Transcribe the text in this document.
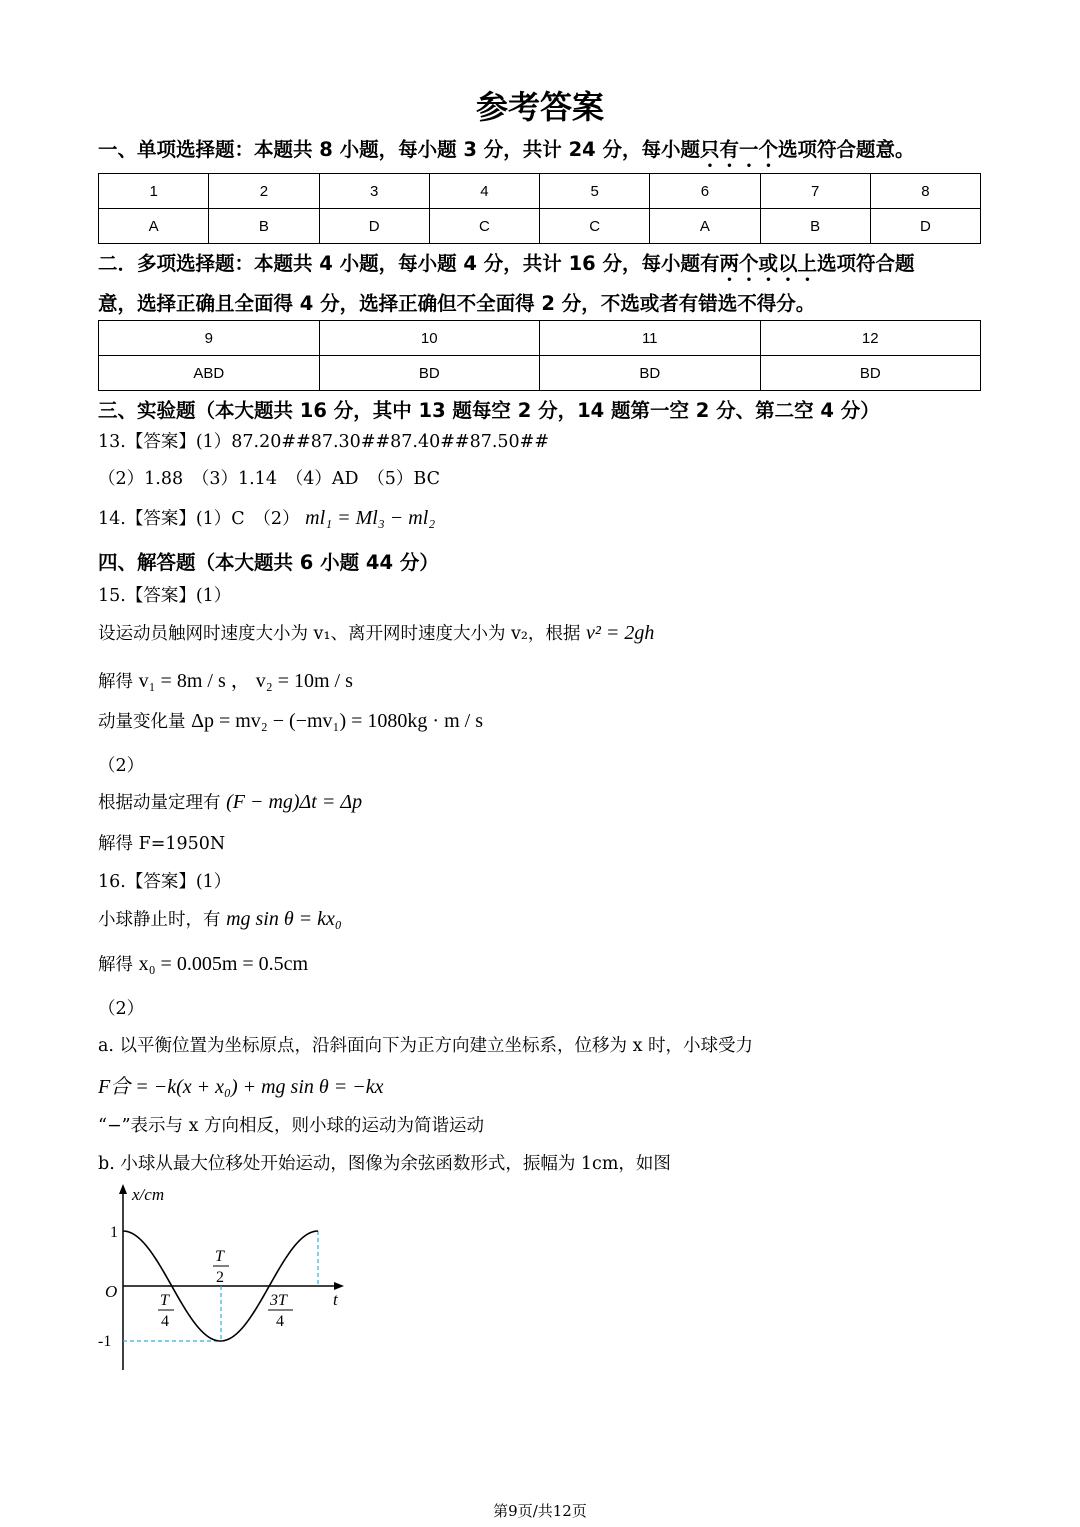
参考答案
一、单项选择题：本题共 8 小题，每小题 3 分，共计 24 分，每小题只有一个选项符合题意。
1	2	3	4	5	6	7	8
A	B	D	C	C	A	B	D
二．多项选择题：本题共 4 小题，每小题 4 分，共计 16 分，每小题有两个或以上选项符合题
意，选择正确且全面得 4 分，选择正确但不全面得 2 分，不选或者有错选不得分。
9	10	11	12
ABD	BD	BD	BD
三、实验题（本大题共 16 分，其中 13 题每空 2 分，14 题第一空 2 分、第二空 4 分）
13.【答案】(1）87.20##87.30##87.40##87.50##
（2）1.88　（3）1.14　（4）AD　（5）BC
14.【答案】(1）C　（2） ml₁ = Ml₃ − ml₂
四、解答题（本大题共 6 小题 44 分）
15.【答案】(1）
设运动员触网时速度大小为 v₁、离开网时速度大小为 v₂，根据 v² = 2gh
解得 v₁ = 8m / s ， v₂ = 10m / s
动量变化量 Δp = mv₂ − (−mv₁) = 1080kg · m / s
（2）
根据动量定理有 (F − mg)Δt = Δp
解得 F=1950N
16.【答案】(1）
小球静止时，有 mg sin θ = kx₀
解得 x₀ = 0.005m = 0.5cm
（2）
a. 以平衡位置为坐标原点，沿斜面向下为正方向建立坐标系，位移为 x 时，小球受力
F合 = −k(x + x₀) + mg sin θ = −kx
“−”表示与 x 方向相反，则小球的运动为简谐运动
b. 小球从最大位移处开始运动，图像为余弦函数形式，振幅为 1cm，如图
x/cm
t
O
1
-1
T
2
T
4
3T
4
第9页/共12页
